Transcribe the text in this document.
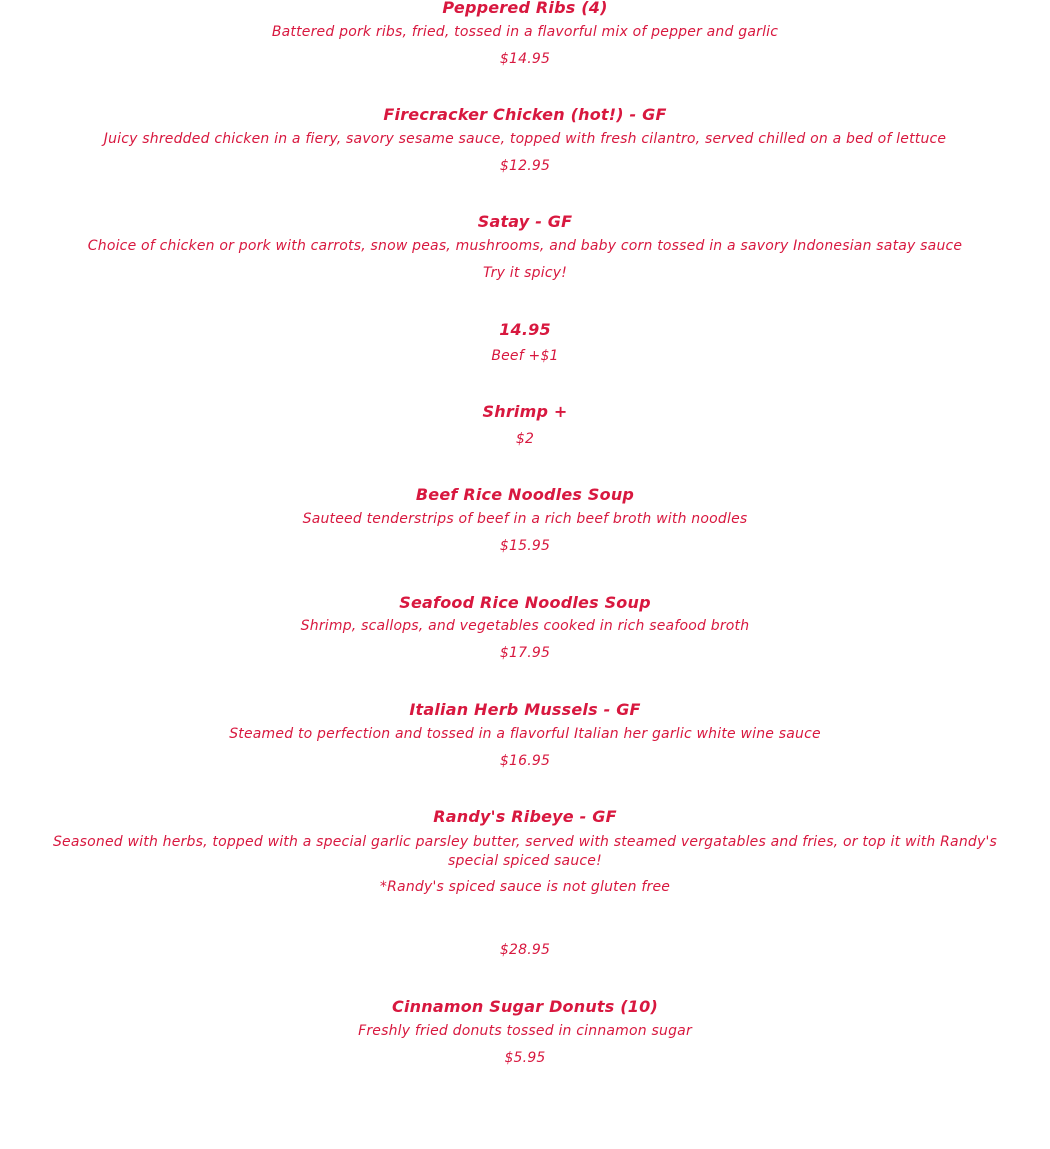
Peppered Ribs (4)
Battered pork ribs, fried, tossed in a flavorful mix of pepper and garlic
$14.95
Firecracker Chicken (hot!) - GF
Juicy shredded chicken in a fiery, savory sesame sauce, topped with fresh cilantro, served chilled on a bed of lettuce
$12.95
Satay - GF
Choice of chicken or pork with carrots, snow peas, mushrooms, and baby corn tossed in a savory Indonesian satay sauce
Try it spicy!
14.95
Beef +$1
Shrimp +
$2
Beef Rice Noodles Soup
Sauteed tenderstrips of beef in a rich beef broth with noodles
$15.95
Seafood Rice Noodles Soup
Shrimp, scallops, and vegetables cooked in rich seafood broth
$17.95
Italian Herb Mussels - GF
Steamed to perfection and tossed in a flavorful Italian her garlic white wine sauce
$16.95
Randy's Ribeye - GF
Seasoned with herbs, topped with a special garlic parsley butter, served with steamed vergatables and fries, or top it with Randy's special spiced sauce!
*Randy's spiced sauce is not gluten free
$28.95
Cinnamon Sugar Donuts (10)
Freshly fried donuts tossed in cinnamon sugar
$5.95
